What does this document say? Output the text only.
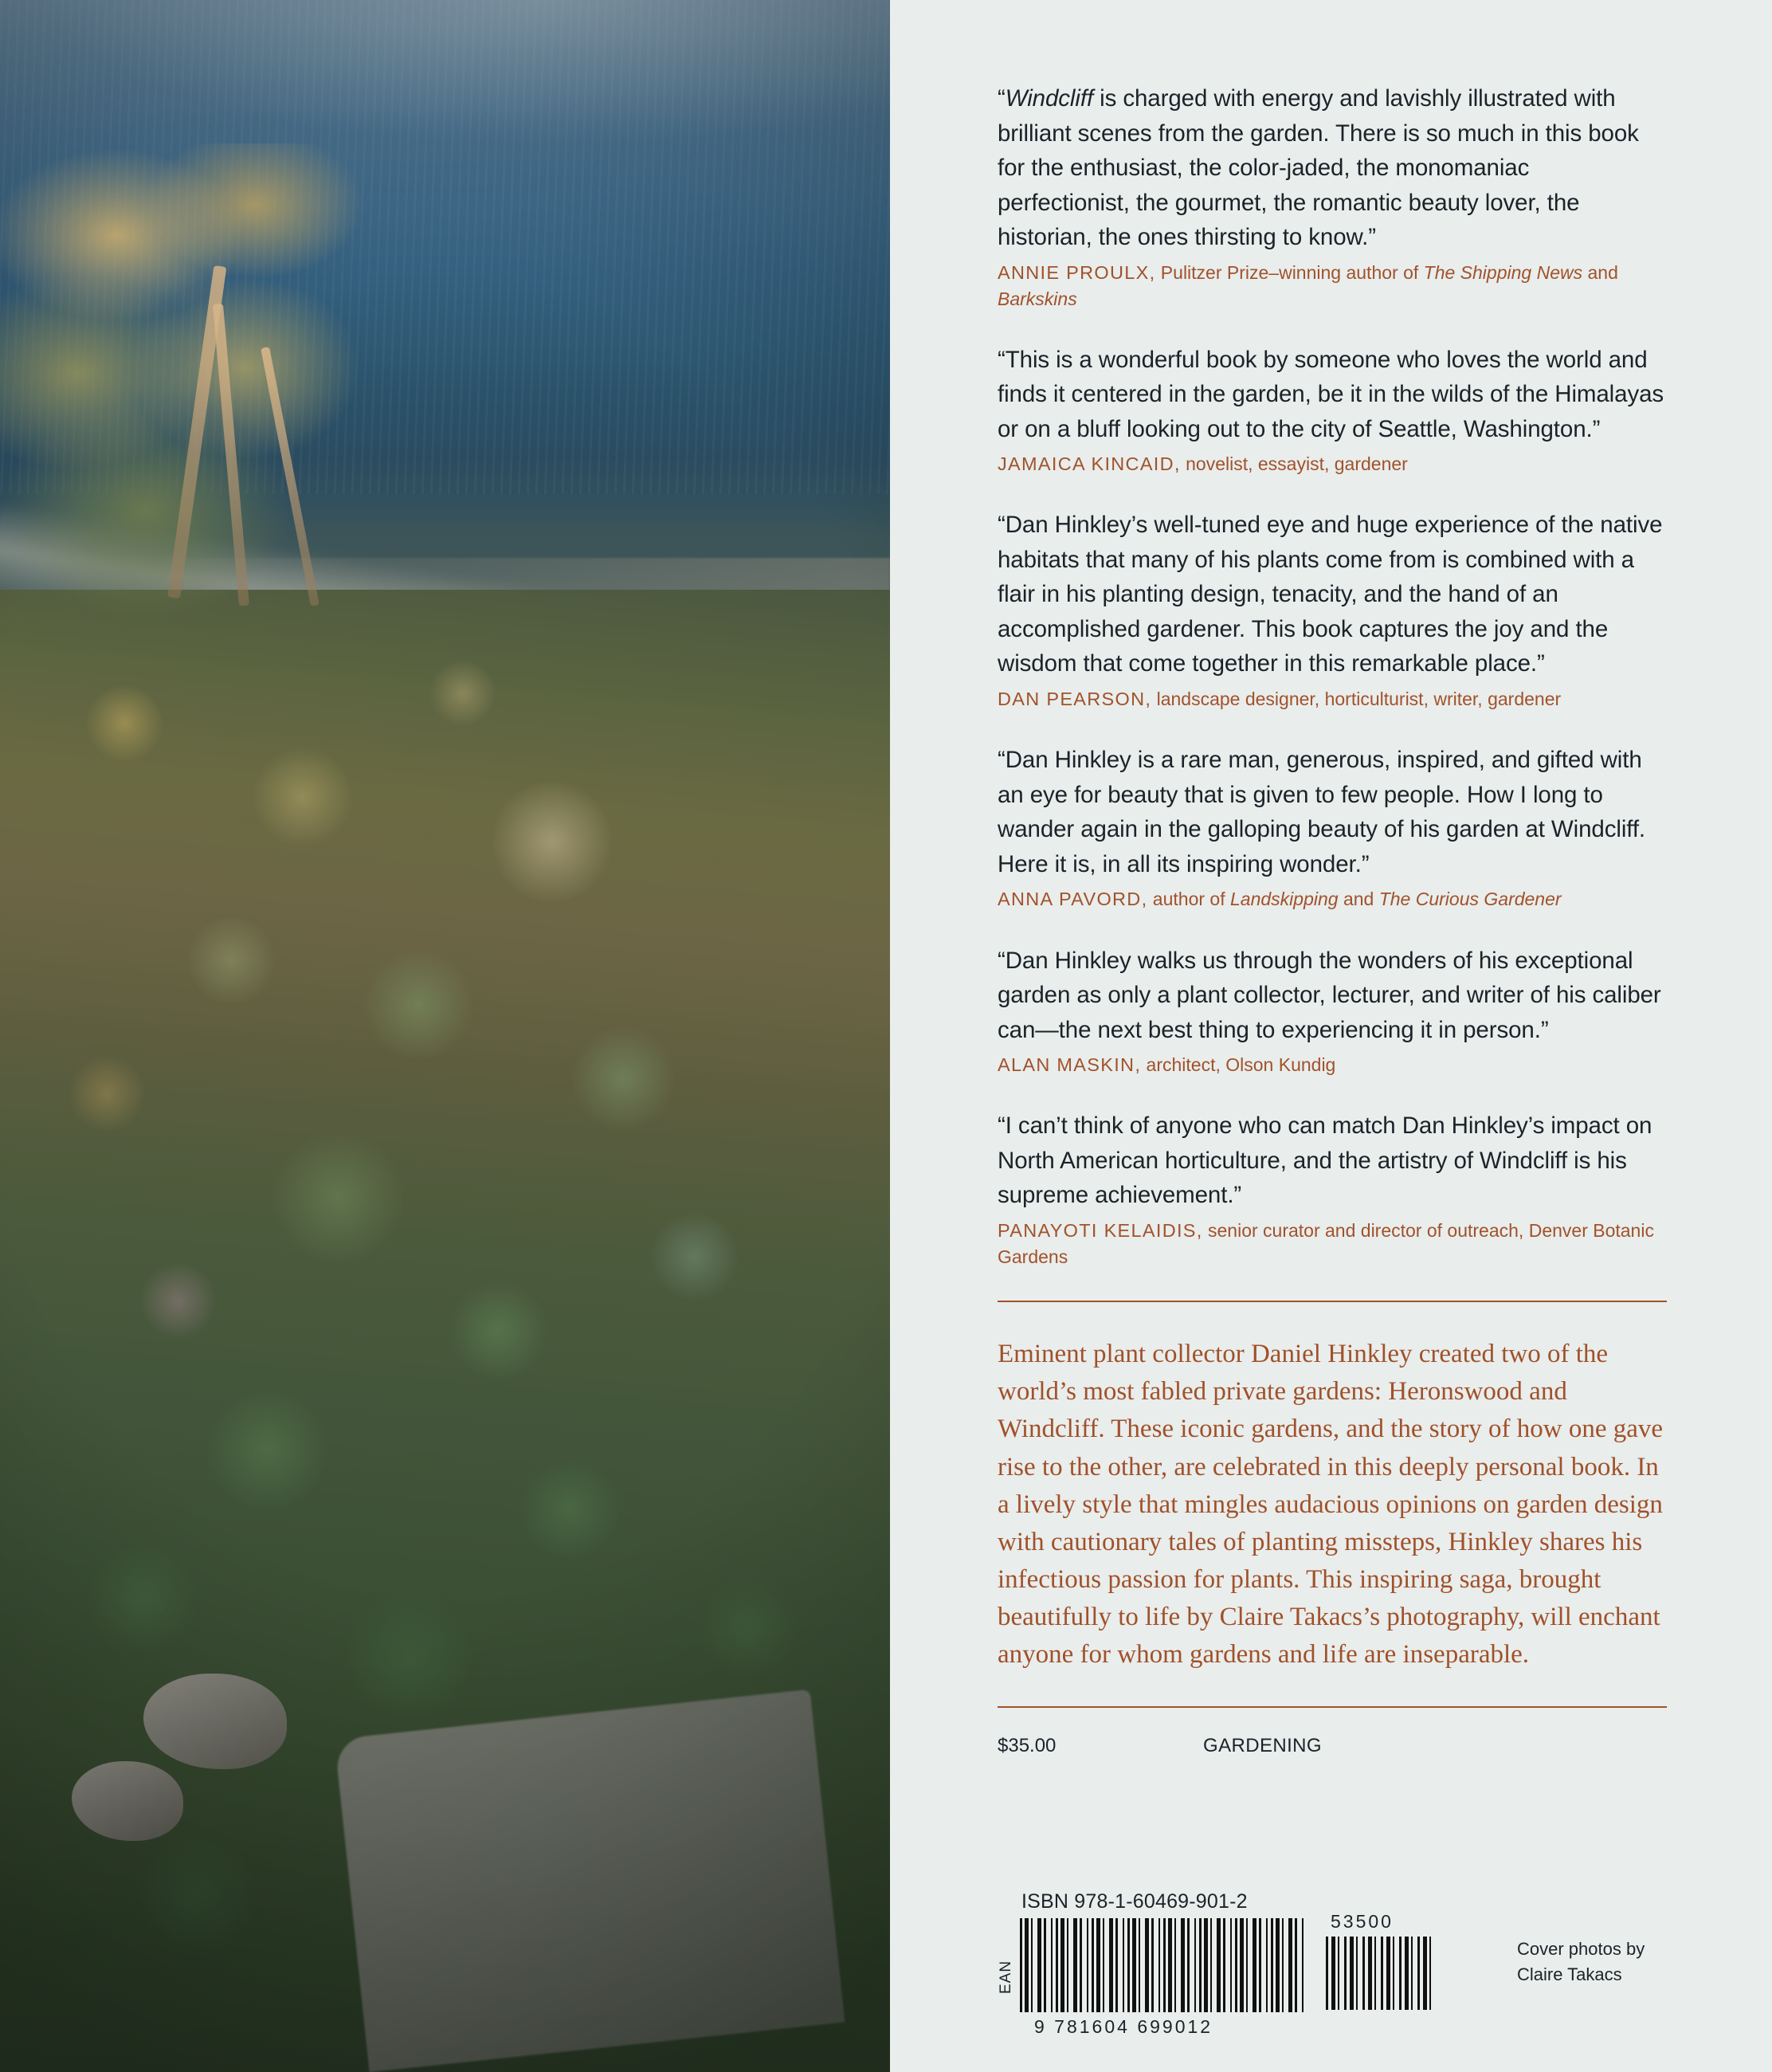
“Windcliff is charged with energy and lavishly illustrated with brilliant scenes from the garden. There is so much in this book for the enthusiast, the color-jaded, the monomaniac perfectionist, the gourmet, the romantic beauty lover, the historian, the ones thirsting to know.”

ANNIE PROULX, Pulitzer Prize–winning author of The Shipping News and Barkskins

“This is a wonderful book by someone who loves the world and finds it centered in the garden, be it in the wilds of the Himalayas or on a bluff looking out to the city of Seattle, Washington.”

JAMAICA KINCAID, novelist, essayist, gardener

“Dan Hinkley’s well-tuned eye and huge experience of the native habitats that many of his plants come from is combined with a flair in his planting design, tenacity, and the hand of an accomplished gardener. This book captures the joy and the wisdom that come together in this remarkable place.”

DAN PEARSON, landscape designer, horticulturist, writer, gardener

“Dan Hinkley is a rare man, generous, inspired, and gifted with an eye for beauty that is given to few people. How I long to wander again in the galloping beauty of his garden at Windcliff. Here it is, in all its inspiring wonder.”

ANNA PAVORD, author of Landskipping and The Curious Gardener

“Dan Hinkley walks us through the wonders of his exceptional garden as only a plant collector, lecturer, and writer of his caliber can—the next best thing to experiencing it in person.”

ALAN MASKIN, architect, Olson Kundig

“I can’t think of anyone who can match Dan Hinkley’s impact on North American horticulture, and the artistry of Windcliff is his supreme achievement.”

PANAYOTI KELAIDIS, senior curator and director of outreach, Denver Botanic Gardens

Eminent plant collector Daniel Hinkley created two of the world’s most fabled private gardens: Heronswood and Windcliff. These iconic gardens, and the story of how one gave rise to the other, are celebrated in this deeply personal book. In a lively style that mingles audacious opinions on garden design with cautionary tales of planting missteps, Hinkley shares his infectious passion for plants. This inspiring saga, brought beautifully to life by Claire Takacs’s photography, will enchant anyone for whom gardens and life are inseparable.

$35.00	GARDENING
EAN

ISBN 978-1-60469-901-2

9 781604 699012

53500

Cover photos by
Claire Takacs
